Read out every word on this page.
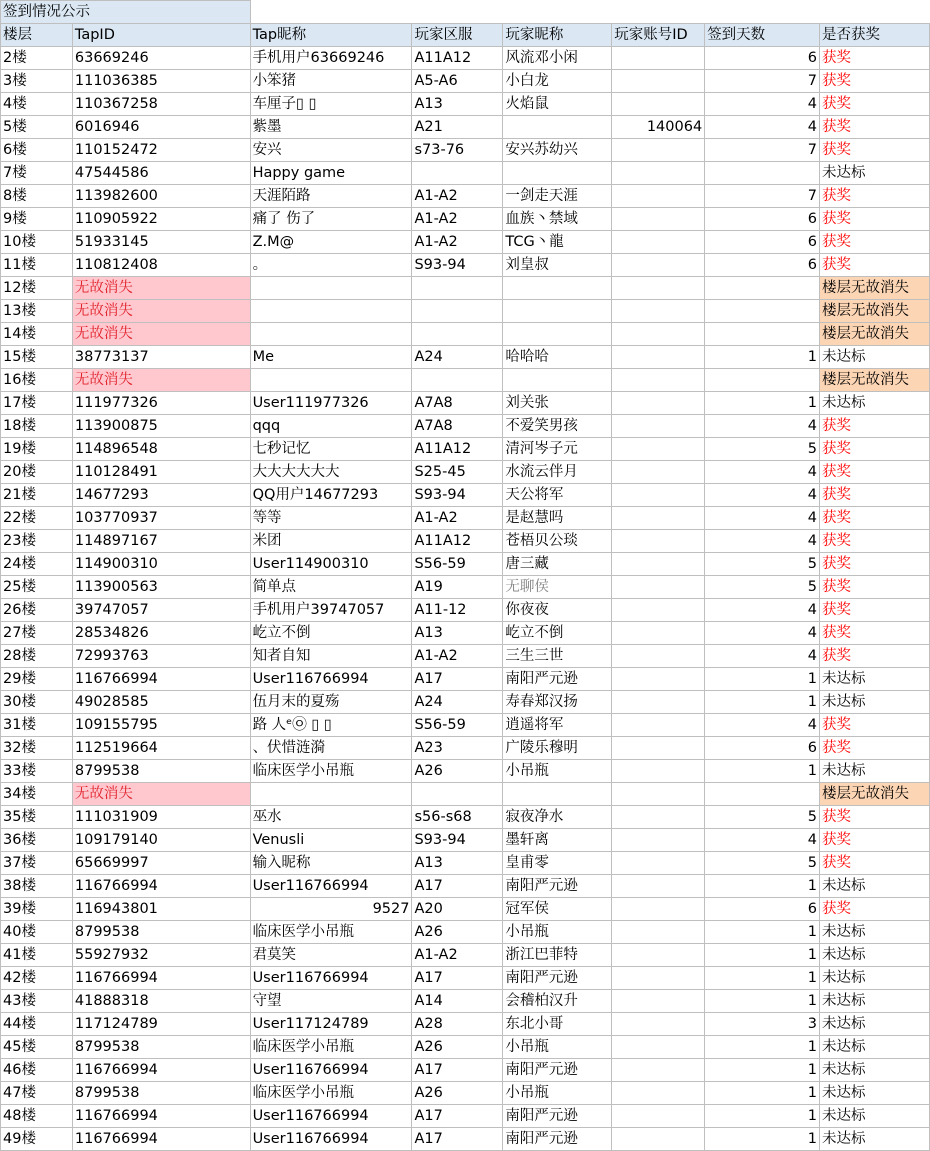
签到情况公示							
楼层	TapID	Tap昵称	玩家区服	玩家昵称	玩家账号ID	签到天数	是否获奖
2楼	63669246	手机用户63669246	A11A12	风流邓小闲		6	获奖
3楼	111036385	小笨猪	A5-A6	小白龙		7	获奖
4楼	110367258	车厘子▯ ▯	A13	火焰鼠		4	获奖
5楼	6016946	紫墨	A21		140064	4	获奖
6楼	110152472	安兴	s73-76	安兴苏幼兴		7	获奖
7楼	47544586	Happy game					未达标
8楼	113982600	天涯陌路	A1-A2	一剑走天涯		7	获奖
9楼	110905922	痛了 伤了	A1-A2	血族丶禁域		6	获奖
10楼	51933145	Z.M@	A1-A2	TCG丶龍		6	获奖
11楼	110812408	。	S93-94	刘皇叔		6	获奖
12楼	无故消失						楼层无故消失
13楼	无故消失						楼层无故消失
14楼	无故消失						楼层无故消失
15楼	38773137	Me	A24	哈哈哈		1	未达标
16楼	无故消失						楼层无故消失
17楼	111977326	User111977326	A7A8	刘关张		1	未达标
18楼	113900875	qqq	A7A8	不爱笑男孩		4	获奖
19楼	114896548	七秒记忆	A11A12	清河岑子元		5	获奖
20楼	110128491	大大大大大大	S25-45	水流云伴月		4	获奖
21楼	14677293	QQ用户14677293	S93-94	天公将军		4	获奖
22楼	103770937	等等	A1-A2	是赵慧吗		4	获奖
23楼	114897167	米团	A11A12	苍梧贝公琰		4	获奖
24楼	114900310	User114900310	S56-59	唐三藏		5	获奖
25楼	113900563	简单点	A19	无聊侯		5	获奖
26楼	39747057	手机用户39747057	A11-12	你夜夜		4	获奖
27楼	28534826	屹立不倒	A13	屹立不倒		4	获奖
28楼	72993763	知者自知	A1-A2	三生三世		4	获奖
29楼	116766994	User116766994	A17	南阳严元逊		1	未达标
30楼	49028585	伍月末的夏殇	A24	寿春郑汉扬		1	未达标
31楼	109155795	路 人ᵉ㉧ ▯ ▯	S56-59	逍遥将军		4	获奖
32楼	112519664	、伏惜涟漪	A23	广陵乐穆明		6	获奖
33楼	8799538	临床医学小吊瓶	A26	小吊瓶		1	未达标
34楼	无故消失						楼层无故消失
35楼	111031909	巫水	s56-s68	寂夜净水		5	获奖
36楼	109179140	Venusli	S93-94	墨轩离		4	获奖
37楼	65669997	输入昵称	A13	皇甫零		5	获奖
38楼	116766994	User116766994	A17	南阳严元逊		1	未达标
39楼	116943801	9527	A20	冠军侯		6	获奖
40楼	8799538	临床医学小吊瓶	A26	小吊瓶		1	未达标
41楼	55927932	君莫笑	A1-A2	浙江巴菲特		1	未达标
42楼	116766994	User116766994	A17	南阳严元逊		1	未达标
43楼	41888318	守望	A14	会稽柏汉升		1	未达标
44楼	117124789	User117124789	A28	东北小哥		3	未达标
45楼	8799538	临床医学小吊瓶	A26	小吊瓶		1	未达标
46楼	116766994	User116766994	A17	南阳严元逊		1	未达标
47楼	8799538	临床医学小吊瓶	A26	小吊瓶		1	未达标
48楼	116766994	User116766994	A17	南阳严元逊		1	未达标
49楼	116766994	User116766994	A17	南阳严元逊		1	未达标
